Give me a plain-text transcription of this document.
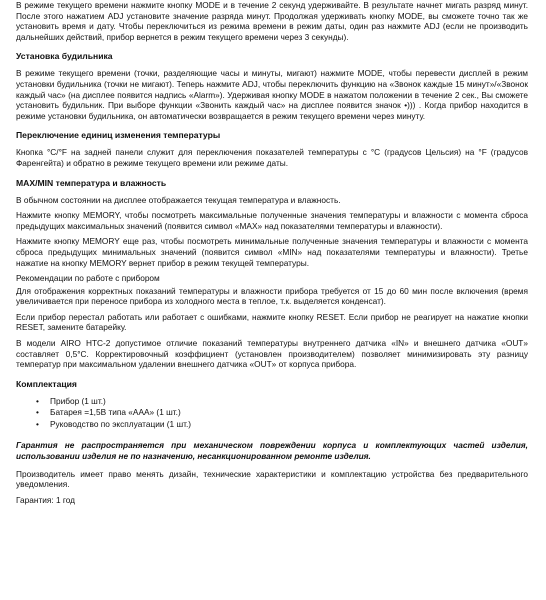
В режиме текущего времени нажмите кнопку MODE и в течение 2 секунд удерживайте. В результате начнет мигать разряд минут. После этого нажатием ADJ установите значение разряда минут. Продолжая удерживать кнопку MODE, вы сможете точно так же установить время и дату. Чтобы переключиться из режима времени в режим даты, один раз нажмите ADJ (если не производить дальнейших действий, прибор вернется в режим текущего времени через 3 секунды).

Установка будильника

В режиме текущего времени (точки, разделяющие часы и минуты, мигают) нажмите MODE, чтобы перевести дисплей в режим установки будильника (точки не мигают). Теперь нажмите ADJ, чтобы переключить функцию на «Звонок каждые 15 минут»/«Звонок каждый час» (на дисплее появится надпись «Alarm»). Удерживая кнопку MODE в нажатом положении в течение 2 сек., Вы сможете установить будильник. При выборе функции «Звонить каждый час» на дисплее появится значок •))) . Когда прибор находится в режиме установки будильника, он автоматически возвращается в режим текущего времени через минуту.

Переключение единиц изменения температуры

Кнопка °C/°F на задней панели служит для переключения показателей температуры с °C (градусов Цельсия) на °F (градусов Фаренгейта) и обратно в режиме текущего времени или режиме даты.

MAX/MIN температура и влажность

В обычном состоянии на дисплее отображается текущая температура и влажность.

Нажмите кнопку MEMORY, чтобы посмотреть максимальные полученные значения температуры и влажности с момента сброса предыдущих максимальных значений (появится символ «MAX» над показателями температуры и влажности).

Нажмите кнопку MEMORY еще раз, чтобы посмотреть минимальные полученные значения температуры и влажности с момента сброса предыдущих минимальных значений (появится символ «MIN» над показателями температуры и влажности). Третье нажатие на кнопку MEMORY вернет прибор в режим текущей температуры.

Рекомендации по работе с прибором

Для отображения корректных показаний температуры и влажности прибора требуется от 15 до 60 мин после включения (время увеличивается при переносе прибора из холодного места в теплое, т.к. выделяется конденсат).

Если прибор перестал работать или работает с ошибками, нажмите кнопку RESET. Если прибор не реагирует на нажатие кнопки RESET, замените батарейку.

В модели AIRO HTC-2 допустимое отличие показаний температуры внутреннего датчика «IN» и внешнего датчика «OUT» составляет 0,5°C. Корректировочный коэффициент (установлен производителем) позволяет минимизировать эту разницу температур при максимальном удалении внешнего датчика «OUT» от корпуса прибора.

Комплектация
• Прибор (1 шт.)
• Батарея =1,5В типа «AAA» (1 шт.)
• Руководство по эксплуатации (1 шт.)

Гарантия не распространяется при механическом повреждении корпуса и комплектующих частей изделия, использовании изделия не по назначению, несанкционированном ремонте изделия.

Производитель имеет право менять дизайн, технические характеристики и комплектацию устройства без предварительного уведомления.

Гарантия: 1 год
